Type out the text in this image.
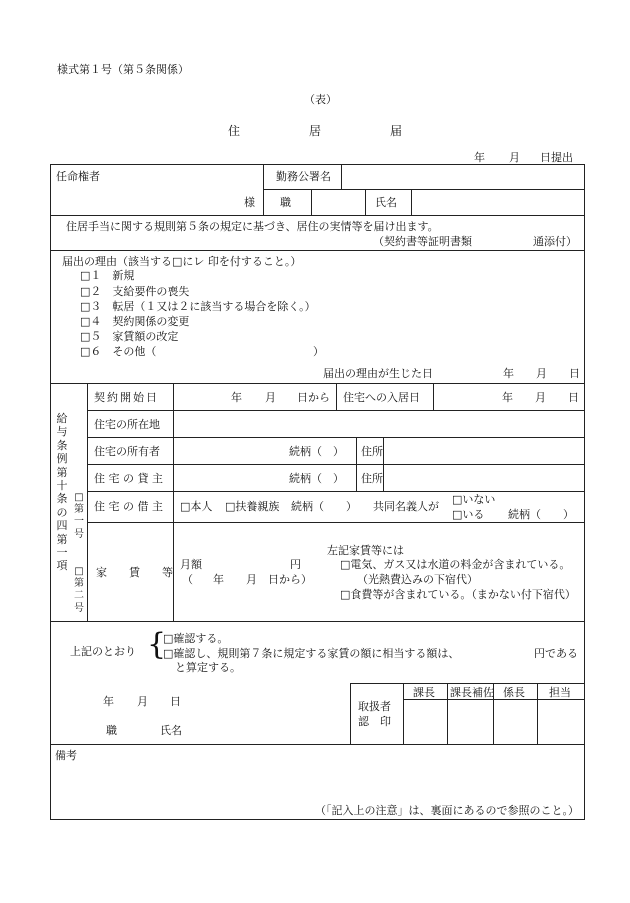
様式第１号（第５条関係）
（表）
住	居	届
年 月 日提出
任命権者	勤務公署名
様 職	氏名
住居手当に関する規則第５条の規定に基づき、居住の実情等を届け出ます。
（契約書等証明書類	通添付）
届出の理由（該当する□にレ 印を付すること。）
□１　新規
□２　支給要件の喪失
□３　転居（１又は２に該当する場合を除く。）
□４　契約関係の変更
□５　家賃額の改定
□６　その他（	）
届出の理由が生じた日	年 月 日
給与条例第十条の四第一項
□第一号
□第二号
契約開始日	年 月 日から 住宅への入居日	年 月 日
住宅の所在地
住宅の所有者	続柄（　） 住所
住 宅 の 貸 主	続柄（　） 住所
住 宅 の 借 主 □本人 □扶養親族 続柄（　　） 共同名義人が
□いない
□いる 続柄（　　）
家　　賃　　等
月額	円
（ 年 月 日から）
左記家賃等には
□電気、ガス又は水道の料金が含まれている。
（光熱費込みの下宿代）
□食費等が含まれている。（まかない付下宿代）
上記のとおり {
□確認する。
□確認し、規則第７条に規定する家賃の額に相当する額は、	円である
と算定する。
年 月 日
職	氏名
取扱者
認　印
課長 課長補佐 係長 担当
備考
（「記入上の注意」は、裏面にあるので参照のこと。）
